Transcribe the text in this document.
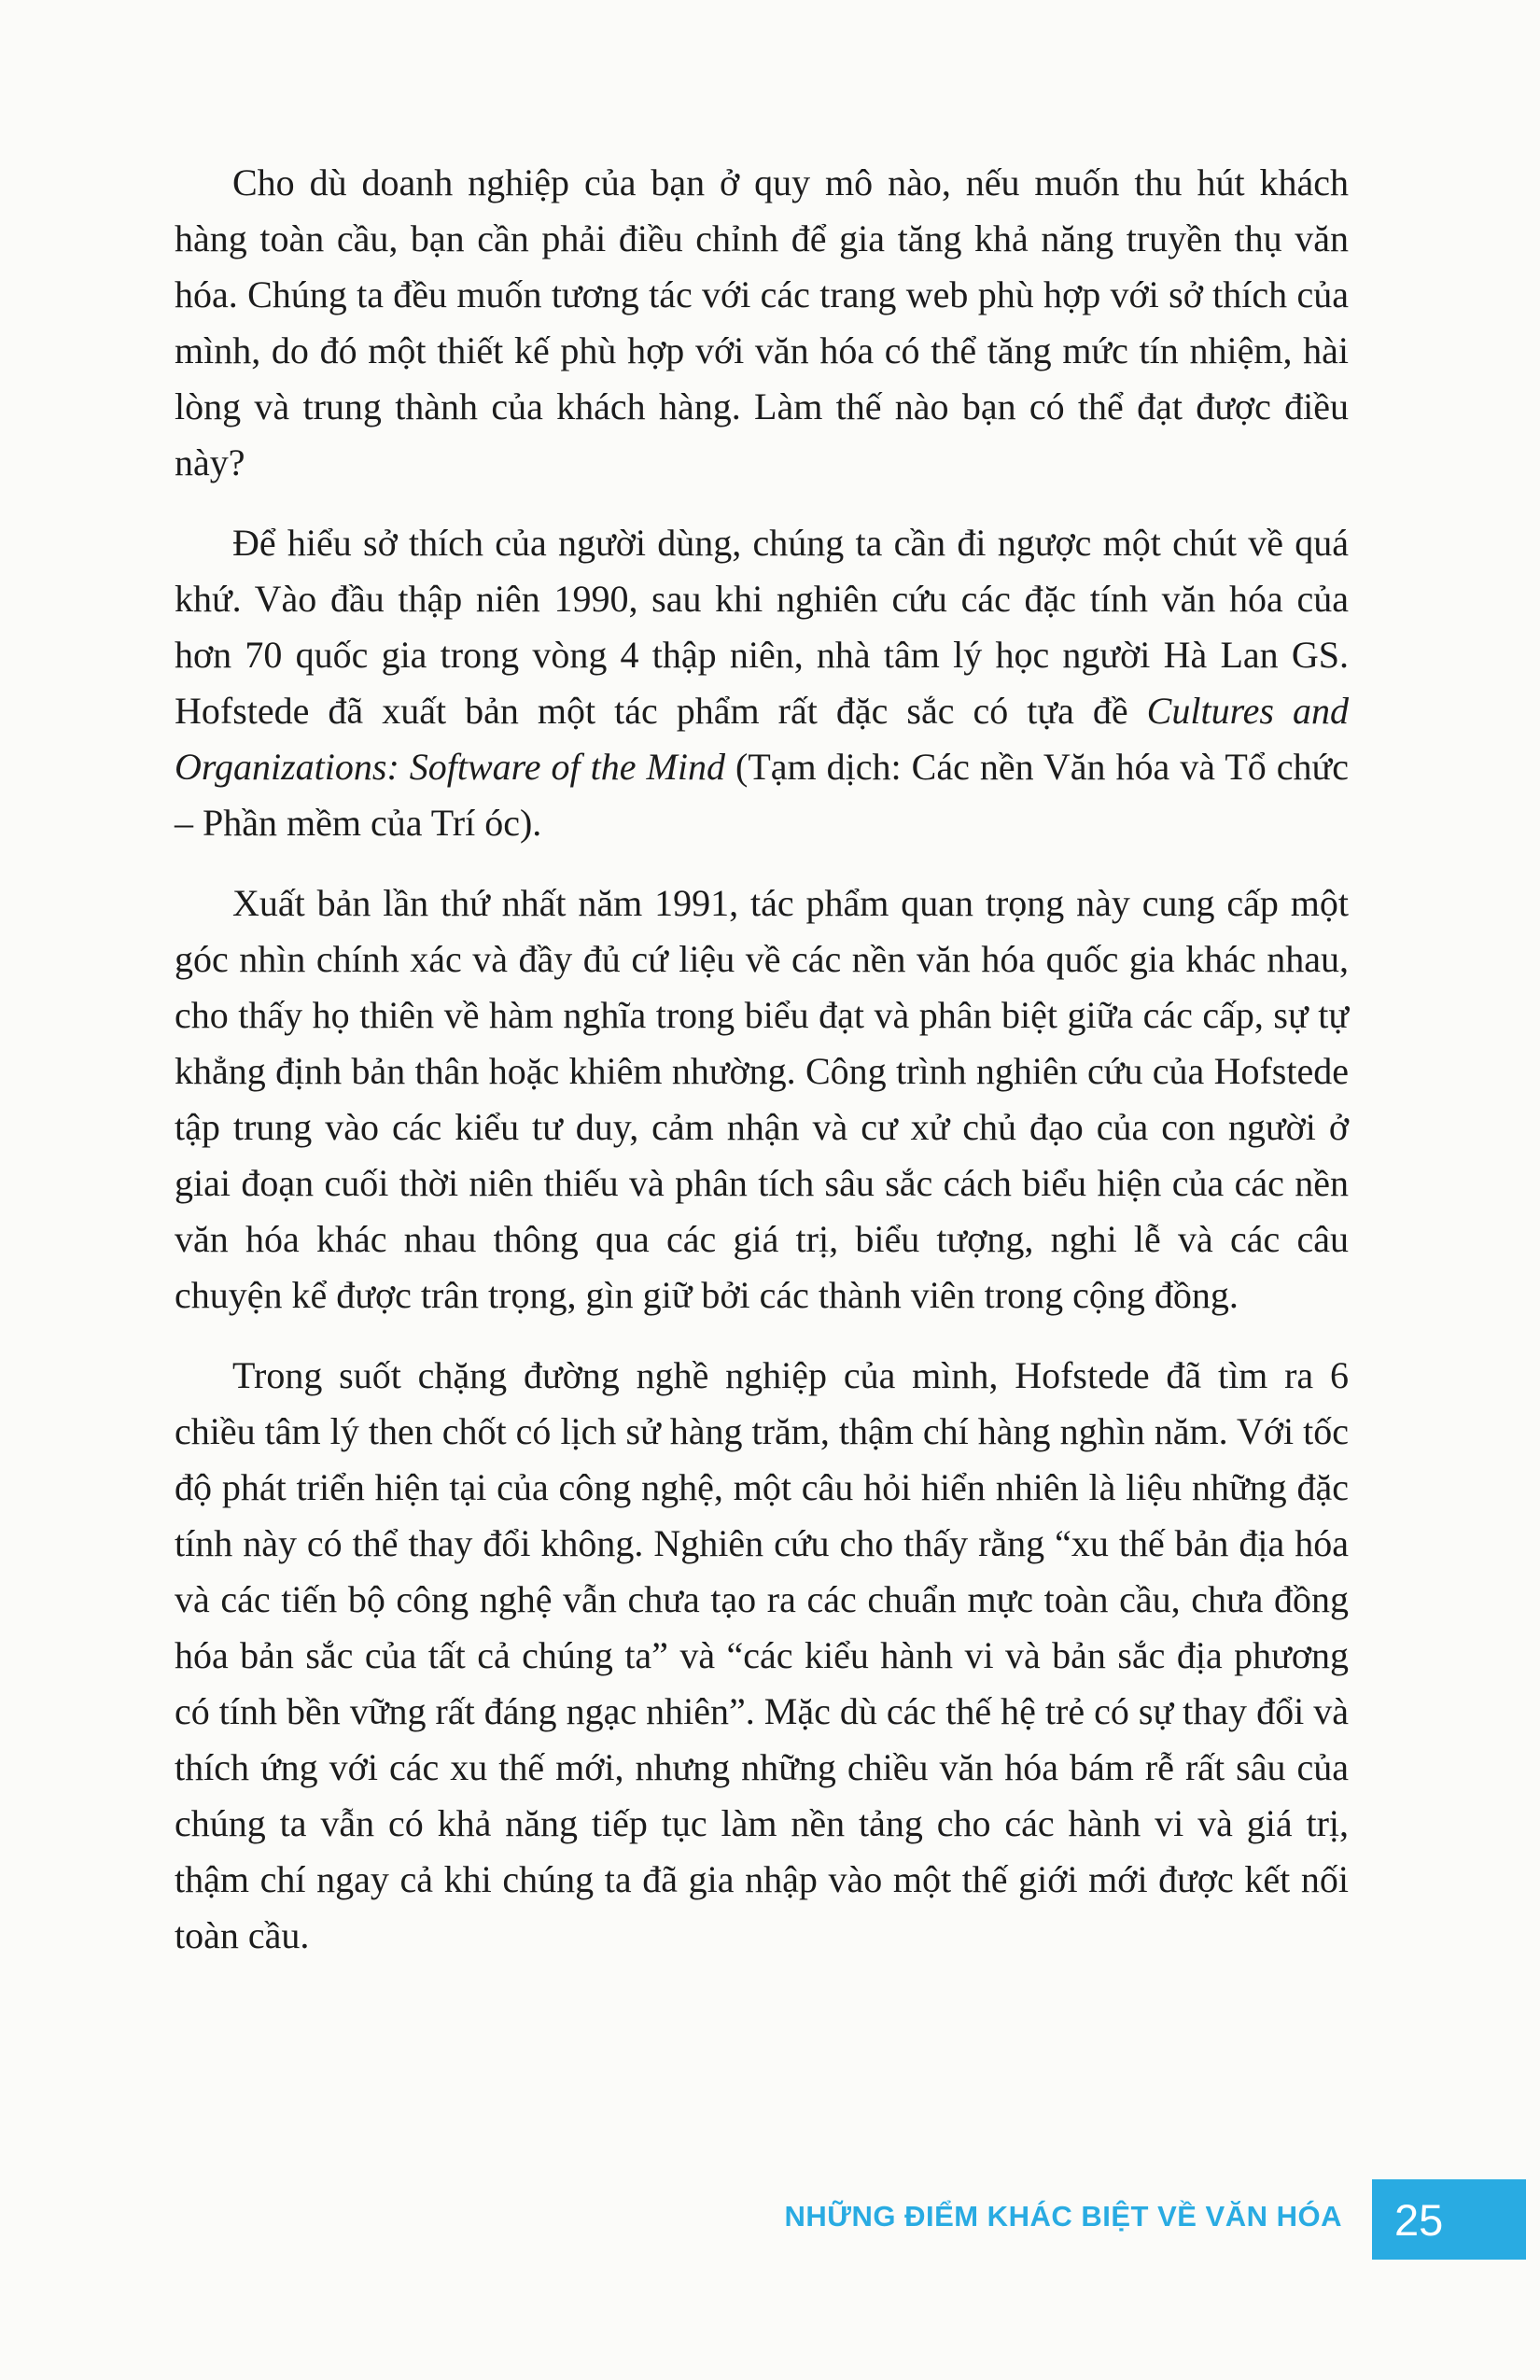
Cho dù doanh nghiệp của bạn ở quy mô nào, nếu muốn thu hút khách hàng toàn cầu, bạn cần phải điều chỉnh để gia tăng khả năng truyền thụ văn hóa. Chúng ta đều muốn tương tác với các trang web phù hợp với sở thích của mình, do đó một thiết kế phù hợp với văn hóa có thể tăng mức tín nhiệm, hài lòng và trung thành của khách hàng. Làm thế nào bạn có thể đạt được điều này?

Để hiểu sở thích của người dùng, chúng ta cần đi ngược một chút về quá khứ. Vào đầu thập niên 1990, sau khi nghiên cứu các đặc tính văn hóa của hơn 70 quốc gia trong vòng 4 thập niên, nhà tâm lý học người Hà Lan GS. Hofstede đã xuất bản một tác phẩm rất đặc sắc có tựa đề Cultures and Organizations: Software of the Mind (Tạm dịch: Các nền Văn hóa và Tổ chức – Phần mềm của Trí óc).

Xuất bản lần thứ nhất năm 1991, tác phẩm quan trọng này cung cấp một góc nhìn chính xác và đầy đủ cứ liệu về các nền văn hóa quốc gia khác nhau, cho thấy họ thiên về hàm nghĩa trong biểu đạt và phân biệt giữa các cấp, sự tự khẳng định bản thân hoặc khiêm nhường. Công trình nghiên cứu của Hofstede tập trung vào các kiểu tư duy, cảm nhận và cư xử chủ đạo của con người ở giai đoạn cuối thời niên thiếu và phân tích sâu sắc cách biểu hiện của các nền văn hóa khác nhau thông qua các giá trị, biểu tượng, nghi lễ và các câu chuyện kể được trân trọng, gìn giữ bởi các thành viên trong cộng đồng.

Trong suốt chặng đường nghề nghiệp của mình, Hofstede đã tìm ra 6 chiều tâm lý then chốt có lịch sử hàng trăm, thậm chí hàng nghìn năm. Với tốc độ phát triển hiện tại của công nghệ, một câu hỏi hiển nhiên là liệu những đặc tính này có thể thay đổi không. Nghiên cứu cho thấy rằng “xu thế bản địa hóa và các tiến bộ công nghệ vẫn chưa tạo ra các chuẩn mực toàn cầu, chưa đồng hóa bản sắc của tất cả chúng ta” và “các kiểu hành vi và bản sắc địa phương có tính bền vững rất đáng ngạc nhiên”. Mặc dù các thế hệ trẻ có sự thay đổi và thích ứng với các xu thế mới, nhưng những chiều văn hóa bám rễ rất sâu của chúng ta vẫn có khả năng tiếp tục làm nền tảng cho các hành vi và giá trị, thậm chí ngay cả khi chúng ta đã gia nhập vào một thế giới mới được kết nối toàn cầu.

NHỮNG ĐIỂM KHÁC BIỆT VỀ VĂN HÓA 25
